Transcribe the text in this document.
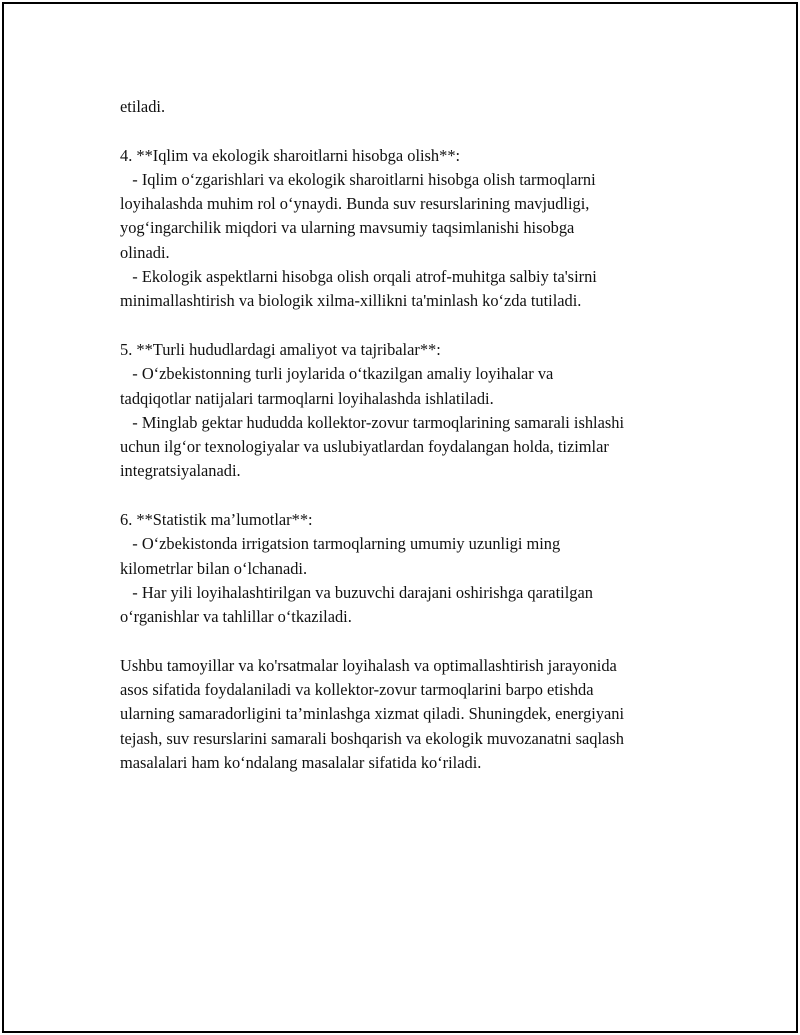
etiladi.
4. **Iqlim va ekologik sharoitlarni hisobga olish**:
- Iqlim o‘zgarishlari va ekologik sharoitlarni hisobga olish tarmoqlarni
loyihalashda muhim rol o‘ynaydi. Bunda suv resurslarining mavjudligi,
yog‘ingarchilik miqdori va ularning mavsumiy taqsimlanishi hisobga
olinadi.
- Ekologik aspektlarni hisobga olish orqali atrof-muhitga salbiy ta'sirni
minimallashtirish va biologik xilma-xillikni ta'minlash ko‘zda tutiladi.
5. **Turli hududlardagi amaliyot va tajribalar**:
- O‘zbekistonning turli joylarida o‘tkazilgan amaliy loyihalar va
tadqiqotlar natijalari tarmoqlarni loyihalashda ishlatiladi.
- Minglab gektar hududda kollektor-zovur tarmoqlarining samarali ishlashi
uchun ilg‘or texnologiyalar va uslubiyatlardan foydalangan holda, tizimlar
integratsiyalanadi.
6. **Statistik ma’lumotlar**:
- O‘zbekistonda irrigatsion tarmoqlarning umumiy uzunligi ming
kilometrlar bilan o‘lchanadi.
- Har yili loyihalashtirilgan va buzuvchi darajani oshirishga qaratilgan
o‘rganishlar va tahlillar o‘tkaziladi.
Ushbu tamoyillar va ko'rsatmalar loyihalash va optimallashtirish jarayonida
asos sifatida foydalaniladi va kollektor-zovur tarmoqlarini barpo etishda
ularning samaradorligini ta’minlashga xizmat qiladi. Shuningdek, energiyani
tejash, suv resurslarini samarali boshqarish va ekologik muvozanatni saqlash
masalalari ham ko‘ndalang masalalar sifatida ko‘riladi.
